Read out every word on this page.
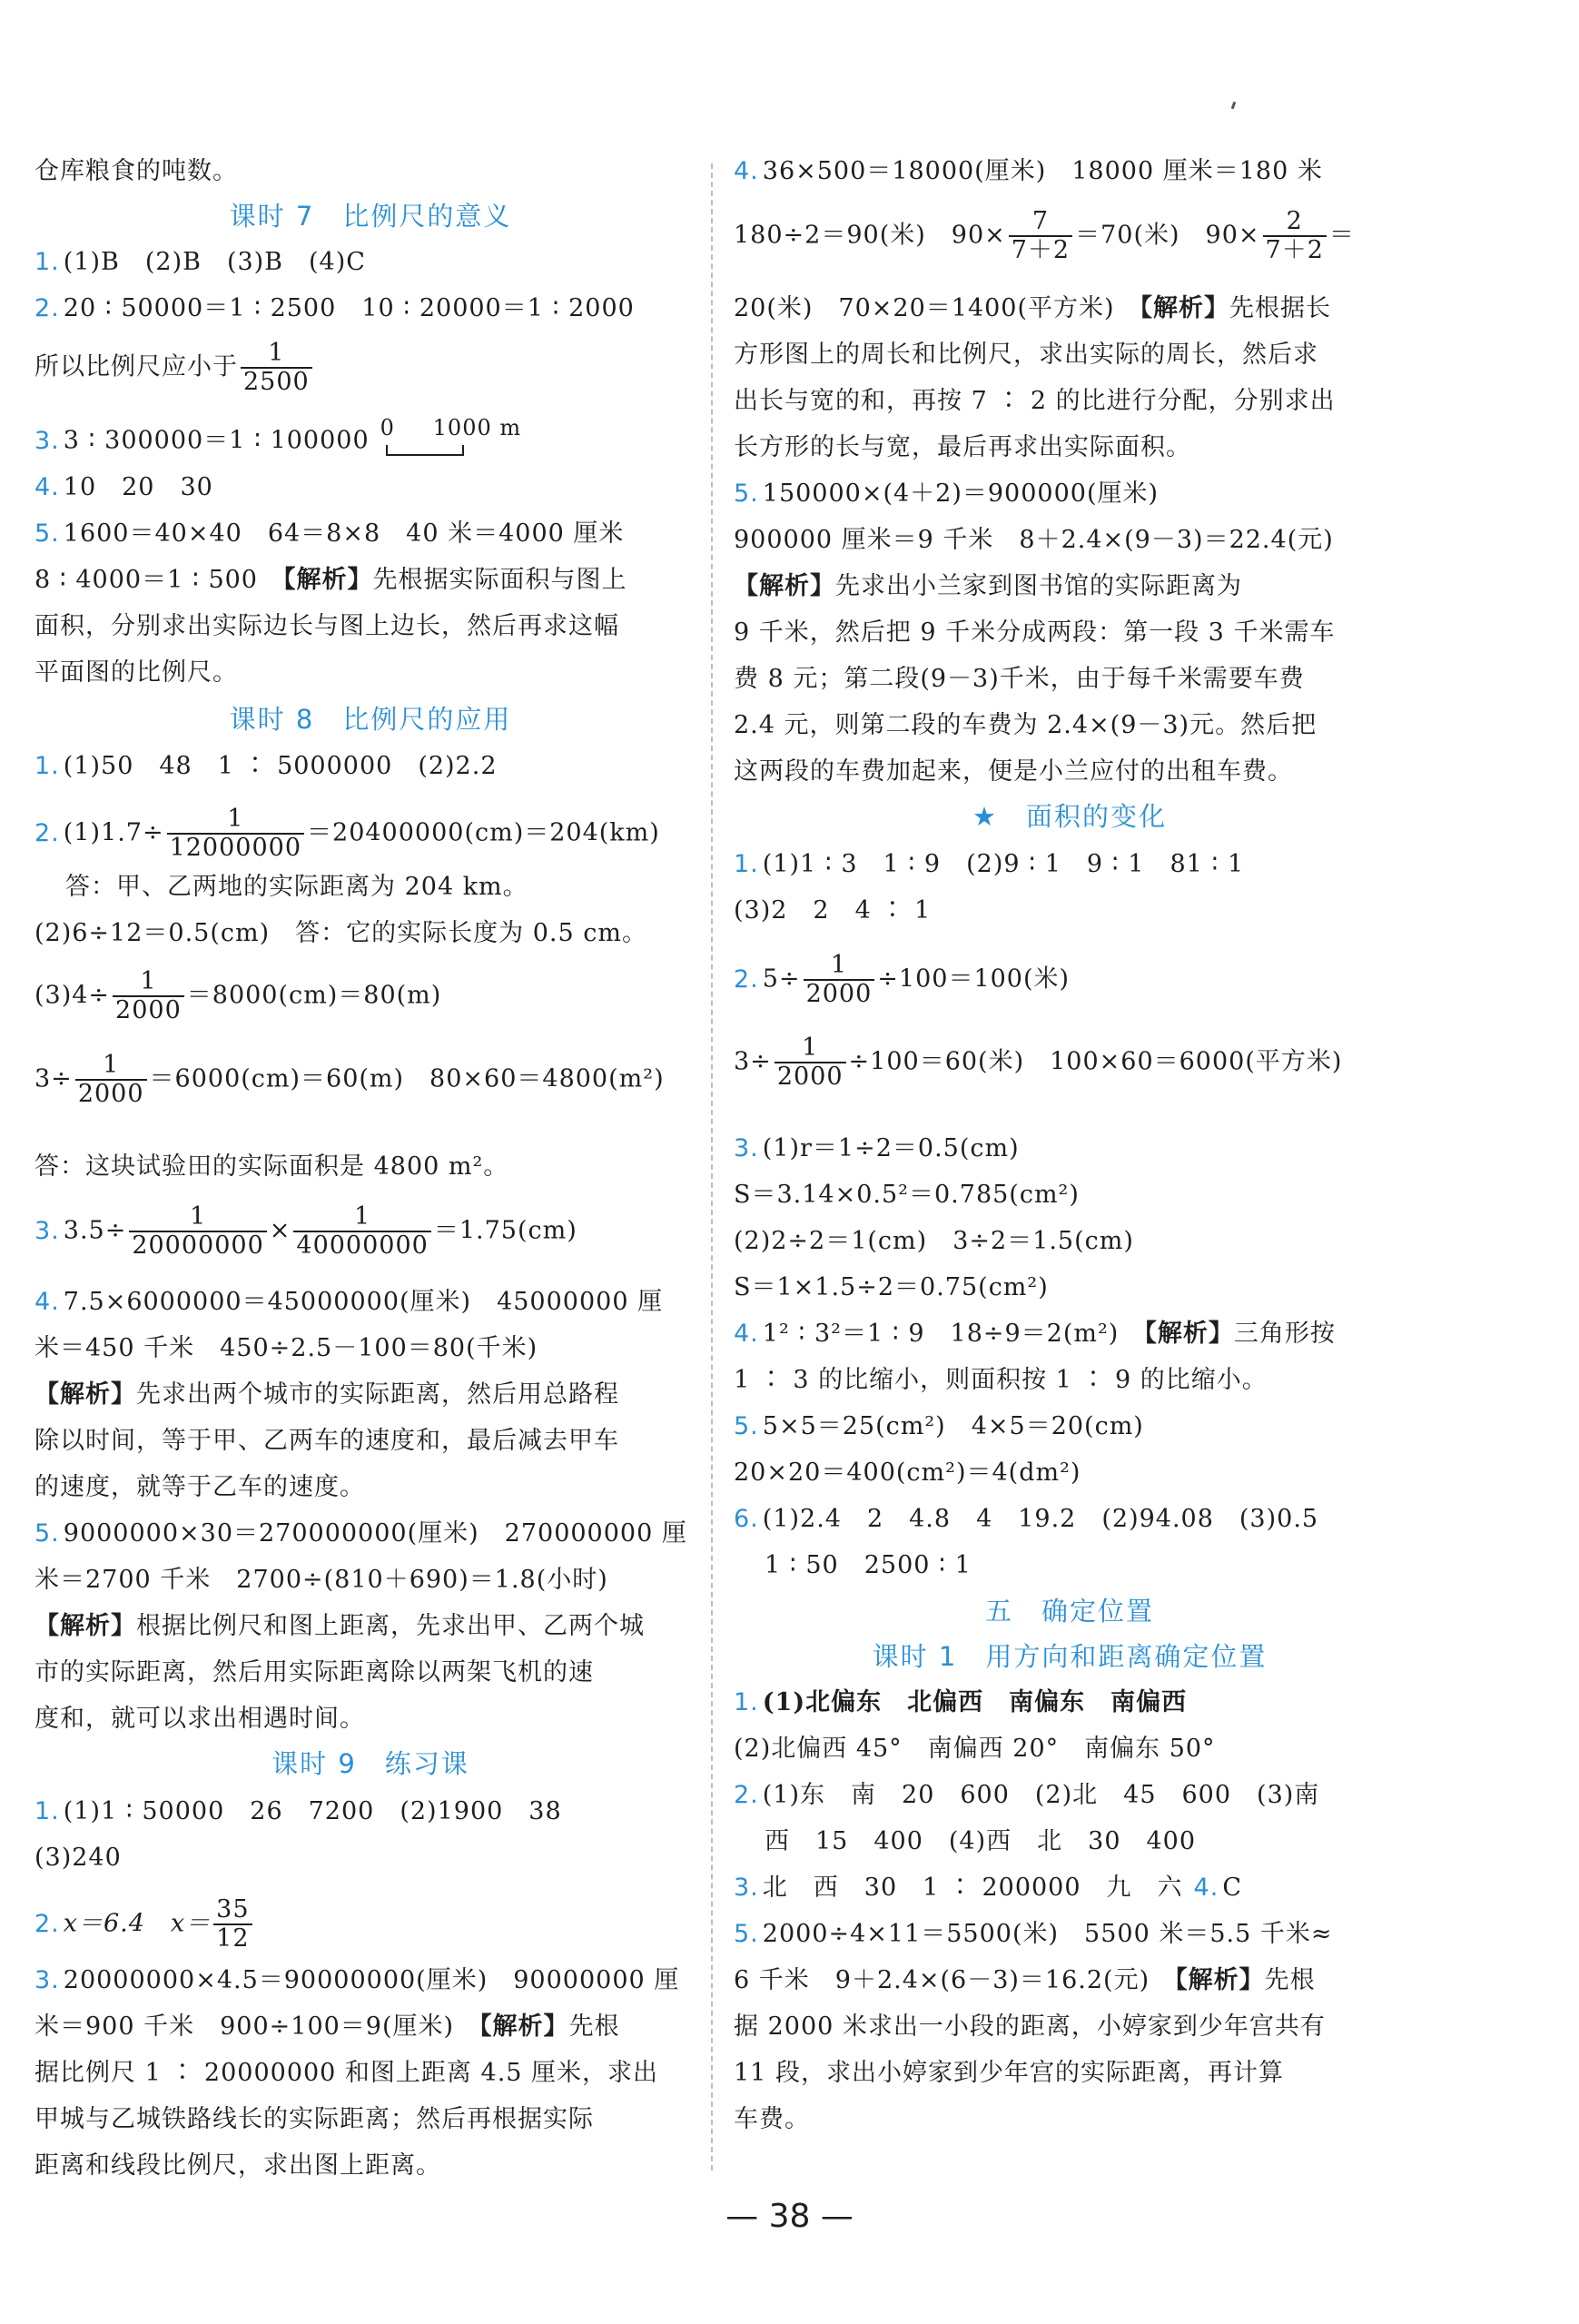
仓库粮食的吨数。
课时 7　比例尺的意义
1. (1)B　(2)B　(3)B　(4)C
2. 20 ∶ 50000＝1 ∶ 2500　10 ∶ 20000＝1 ∶ 2000
所以比例尺应小于 $\frac{1}{2500}$
3. 3 ∶ 300000＝1 ∶ 100000 0 1000 m
4. 10　20　30
5. 1600＝40×40　64＝8×8　40 米＝4000 厘米
8 ∶ 4000＝1 ∶ 500　【解析】先根据实际面积与图上
面积，分别求出实际边长与图上边长，然后再求这幅
平面图的比例尺。
课时 8　比例尺的应用
1. (1)50　48　1 ∶ 5000000　(2)2.2
2. $(1)1.7\div \frac{1}{12000000} =20400000(cm)=204(km)$
答：甲、乙两地的实际距离为 204 km。
(2)6÷12＝0.5(cm)　答：它的实际长度为 0.5 cm。
$(3)4\div \frac{1}{2000} =8000(cm)=80(m)$
$3\div \frac{1}{2000} =6000(cm)=60(m)$　80×60＝4800(m²)
答：这块试验田的实际面积是 4800 m²。
3. $3.5\div \frac{1}{20000000} \times \frac{1}{40000000} =1.75(cm)$
4. 7.5×6000000＝45000000(厘米)　45000000 厘
米＝450 千米　450÷2.5－100＝80(千米)
【解析】先求出两个城市的实际距离，然后用总路程
除以时间，等于甲、乙两车的速度和，最后减去甲车
的速度，就等于乙车的速度。
5. 9000000×30＝270000000(厘米)　270000000 厘
米＝2700 千米　2700÷(810＋690)＝1.8(小时)
【解析】根据比例尺和图上距离，先求出甲、乙两个城
市的实际距离，然后用实际距离除以两架飞机的速
度和，就可以求出相遇时间。
课时 9　练习课
1. (1)1 ∶ 50000　26　7200　(2)1900　38
(3)240
2. x＝6.4　$x= \frac{35}{12}$
3. 20000000×4.5＝90000000(厘米)　90000000 厘
米＝900 千米　900÷100＝9(厘米)　【解析】先根
据比例尺 1 ∶ 20000000 和图上距离 4.5 厘米，求出
甲城与乙城铁路线长的实际距离；然后再根据实际
距离和线段比例尺，求出图上距离。
4. 36×500＝18000(厘米)　18000 厘米＝180 米
180÷2＝90(米)　$90\times \frac{7}{7+2} =70$(米)　$90\times \frac{2}{7+2}$ ＝
20(米)　70×20＝1400(平方米)　【解析】先根据长
方形图上的周长和比例尺，求出实际的周长，然后求
出长与宽的和，再按 7 ∶ 2 的比进行分配，分别求出
长方形的长与宽，最后再求出实际面积。
5. 150000×(4＋2)＝900000(厘米)
900000 厘米＝9 千米　8＋2.4×(9－3)＝22.4(元)
【解析】先求出小兰家到图书馆的实际距离为
9 千米，然后把 9 千米分成两段：第一段 3 千米需车
费 8 元；第二段(9－3)千米，由于每千米需要车费
2.4 元，则第二段的车费为 2.4×(9－3)元。然后把
这两段的车费加起来，便是小兰应付的出租车费。
★　面积的变化
1. (1)1 ∶ 3　1 ∶ 9　(2)9 ∶ 1　9 ∶ 1　81 ∶ 1
(3)2　2　4 ∶ 1
2. $5\div \frac{1}{2000} \div 100=100$(米)
$3\div \frac{1}{2000} \div 100=60$(米)　100×60＝6000(平方米)
3. (1)r＝1÷2＝0.5(cm)
S＝3.14×0.5²＝0.785(cm²)
(2)2÷2＝1(cm)　3÷2＝1.5(cm)
S＝1×1.5÷2＝0.75(cm²)
4. 1² ∶ 3²＝1 ∶ 9　18÷9＝2(m²)　【解析】三角形按
1 ∶ 3 的比缩小，则面积按 1 ∶ 9 的比缩小。
5. 5×5＝25(cm²)　4×5＝20(cm)
20×20＝400(cm²)＝4(dm²)
6. (1)2.4　2　4.8　4　19.2　(2)94.08　(3)0.5
1 ∶ 50　2500 ∶ 1
五　确定位置
课时 1　用方向和距离确定位置
1. (1)北偏东　北偏西　南偏东　南偏西
(2)北偏西 45°　南偏西 20°　南偏东 50°
2. (1)东　南　20　600　(2)北　45　600　(3)南
西　15　400　(4)西　北　30　400
3. 北　西　30　1 ∶ 200000　九　六 4. C
5. 2000÷4×11＝5500(米)　5500 米＝5.5 千米≈
6 千米　9＋2.4×(6－3)＝16.2(元)　【解析】先根
据 2000 米求出一小段的距离，小婷家到少年宫共有
11 段，求出小婷家到少年宫的实际距离，再计算
车费。
— 38 —
